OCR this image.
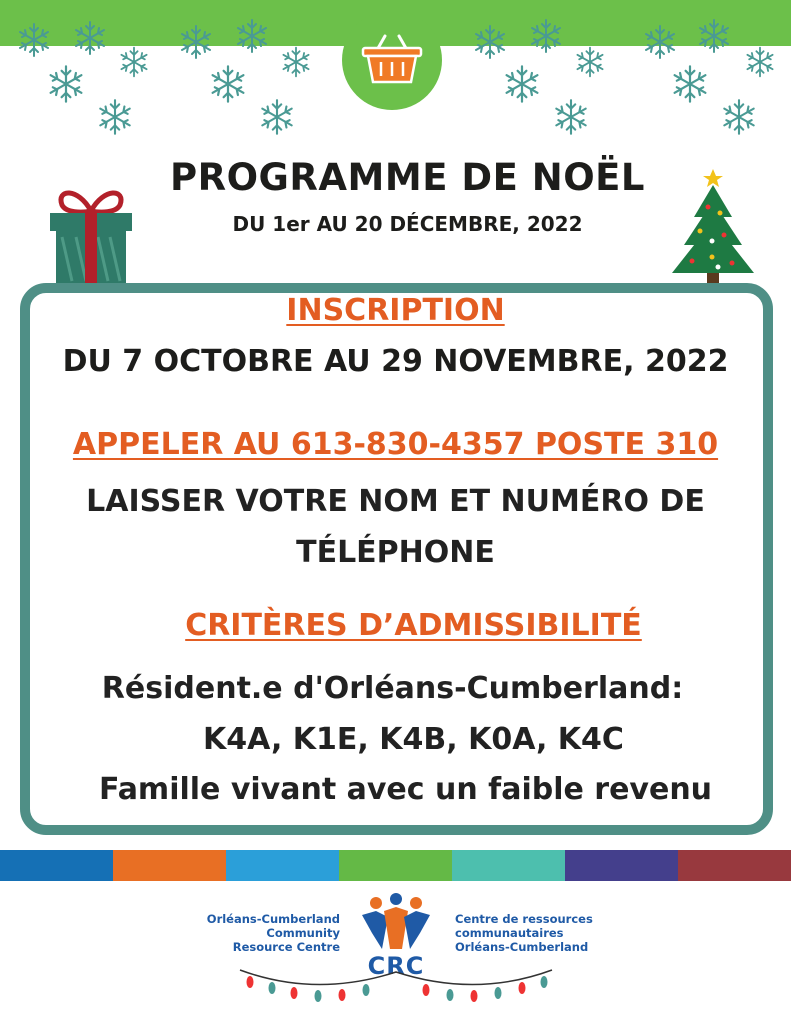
PROGRAMME DE NOËL
DU 1er AU 20 DÉCEMBRE, 2022
INSCRIPTION
DU 7 OCTOBRE AU 29 NOVEMBRE, 2022
APPELER AU 613-830-4357 POSTE 310
LAISSER VOTRE NOM ET NUMÉRO DE
TÉLÉPHONE
CRITÈRES D’ADMISSIBILITÉ
Résident.e d'Orléans-Cumberland:
K4A, K1E, K4B, K0A, K4C
Famille vivant avec un faible revenu
Orléans-Cumberland
Community
Resource Centre
CRC
Centre de ressources
communautaires
Orléans-Cumberland
